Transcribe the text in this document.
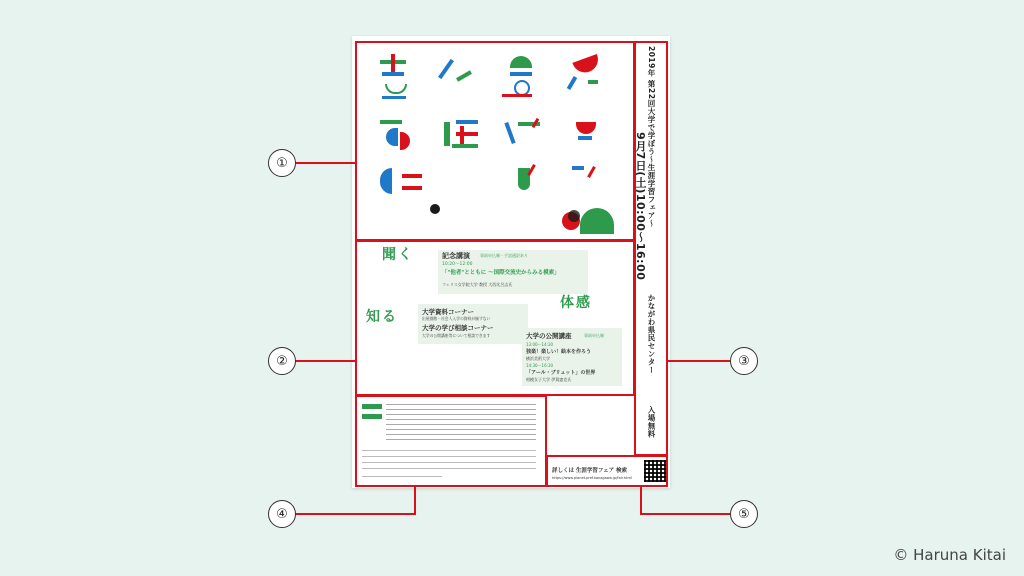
聞く	記念講演	事前申込制・手話通訳あり
10:20〜12:00
「"他者"とともに 〜国際交流史からみる模索」
フェリス女学院大学 教授 大西比呂志氏
知る	大学資料コーナー
出展園館・社会人入学の資料が揃ずない
大学の学び相談コーナー
大学の公開講座等について相談できます
体感
大学の公開講座	事前申込制
13:00〜14:30
独楽！楽しい！絵本を作ろう
横浜美術大学
14:30〜16:30
「アール・ブリュット」の世界
相模女子大学 伊賀憲克氏
詳しくは 生涯学習フェア 検索
https://www.planet.pref.kanagawa.jp/fair.html
2019年 第22回大学で学ぼう〜生涯学習フェア〜
9月7日(土)10:00〜16:00
かながわ県民センター
入場無料
①
②	③
④	⑤
© Haruna Kitai
